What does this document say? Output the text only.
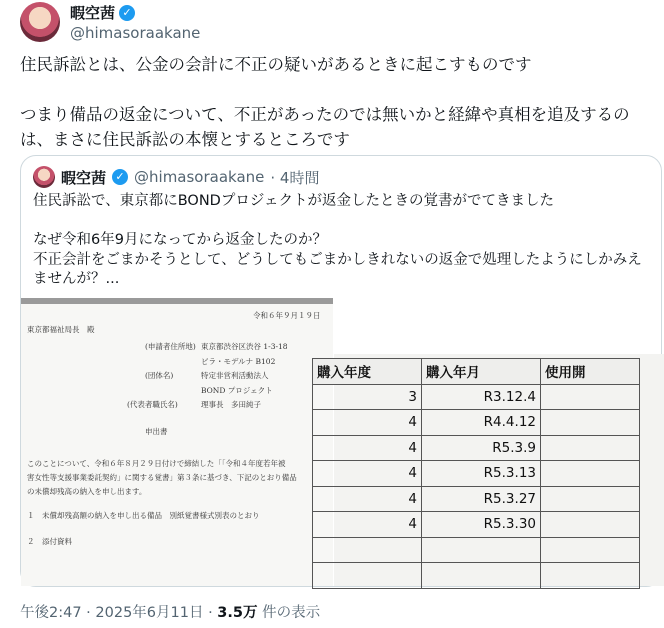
暇空茜 ✓
@himasoraakane
住民訴訟とは、公金の会計に不正の疑いがあるときに起こすものです

つまり備品の返金について、不正があったのでは無いかと経緯や真相を追及するのは、まさに住民訴訟の本懐とするところです
暇空茜 ✓ @himasoraakane · 4時間
住民訴訟で、東京都にBONDプロジェクトが返金したときの覚書がでてきました

なぜ令和6年9月になってから返金したのか？
不正会計をごまかそうとして、どうしてもごまかしきれないの返金で処理したようにしかみえませんが？...
令和６年９月１９日
東京都福祉局長　殿
(申請者住所地) 東京都渋谷区渋谷 1-3-18
ビラ・モデルナ B102
(団体名)	特定非営利活動法人
BOND プロジェクト
(代表者職氏名)	理事長　多田純子
申出書
このことについて、令和６年８月２９日付けで締結した「「令和４年度若年被
害女性等支援事業委託契約」に関する覚書」第３条に基づき、下記のとおり備品
の未償却残高の納入を申し出ます。
１　未償却残高額の納入を申し出る備品　別紙覚書様式別表のとおり
２　添付資料
購入年度	購入年月	使用開
3	R3.12.4	
4	R4.4.12	
4	R5.3.9	
4	R5.3.13	
4	R5.3.27	
4	R5.3.30	

午後2:47 · 2025年6月11日 · 3.5万 件の表示
